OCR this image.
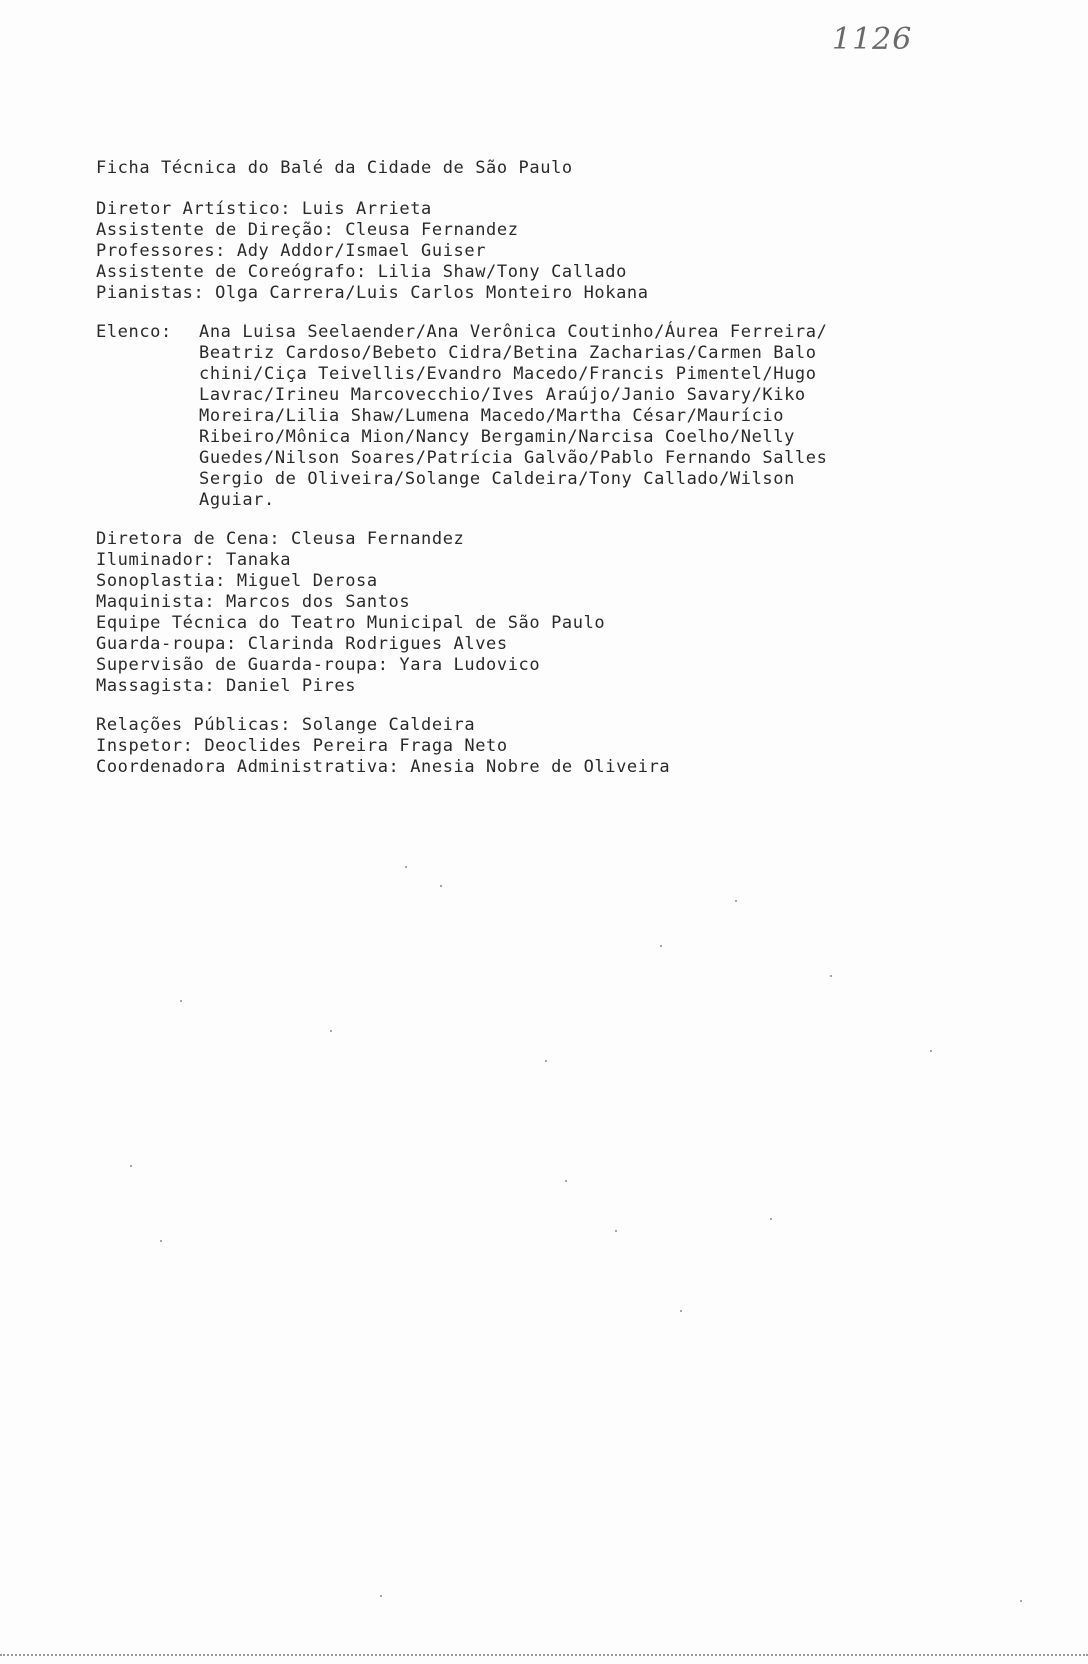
1126
Ficha Técnica do Balé da Cidade de São Paulo
Diretor Artístico: Luis Arrieta
Assistente de Direção: Cleusa Fernandez
Professores: Ady Addor/Ismael Guiser
Assistente de Coreógrafo: Lilia Shaw/Tony Callado
Pianistas: Olga Carrera/Luis Carlos Monteiro Hokana
Elenco:	Ana Luisa Seelaender/Ana Verônica Coutinho/Áurea Ferreira/
Beatriz Cardoso/Bebeto Cidra/Betina Zacharias/Carmen Balo
chini/Ciça Teivellis/Evandro Macedo/Francis Pimentel/Hugo
Lavrac/Irineu Marcovecchio/Ives Araújo/Janio Savary/Kiko
Moreira/Lilia Shaw/Lumena Macedo/Martha César/Maurício
Ribeiro/Mônica Mion/Nancy Bergamin/Narcisa Coelho/Nelly
Guedes/Nilson Soares/Patrícia Galvão/Pablo Fernando Salles
Sergio de Oliveira/Solange Caldeira/Tony Callado/Wilson
Aguiar.
Diretora de Cena: Cleusa Fernandez
Iluminador: Tanaka
Sonoplastia: Miguel Derosa
Maquinista: Marcos dos Santos
Equipe Técnica do Teatro Municipal de São Paulo
Guarda-roupa: Clarinda Rodrigues Alves
Supervisão de Guarda-roupa: Yara Ludovico
Massagista: Daniel Pires
Relações Públicas: Solange Caldeira
Inspetor: Deoclides Pereira Fraga Neto
Coordenadora Administrativa: Anesia Nobre de Oliveira
